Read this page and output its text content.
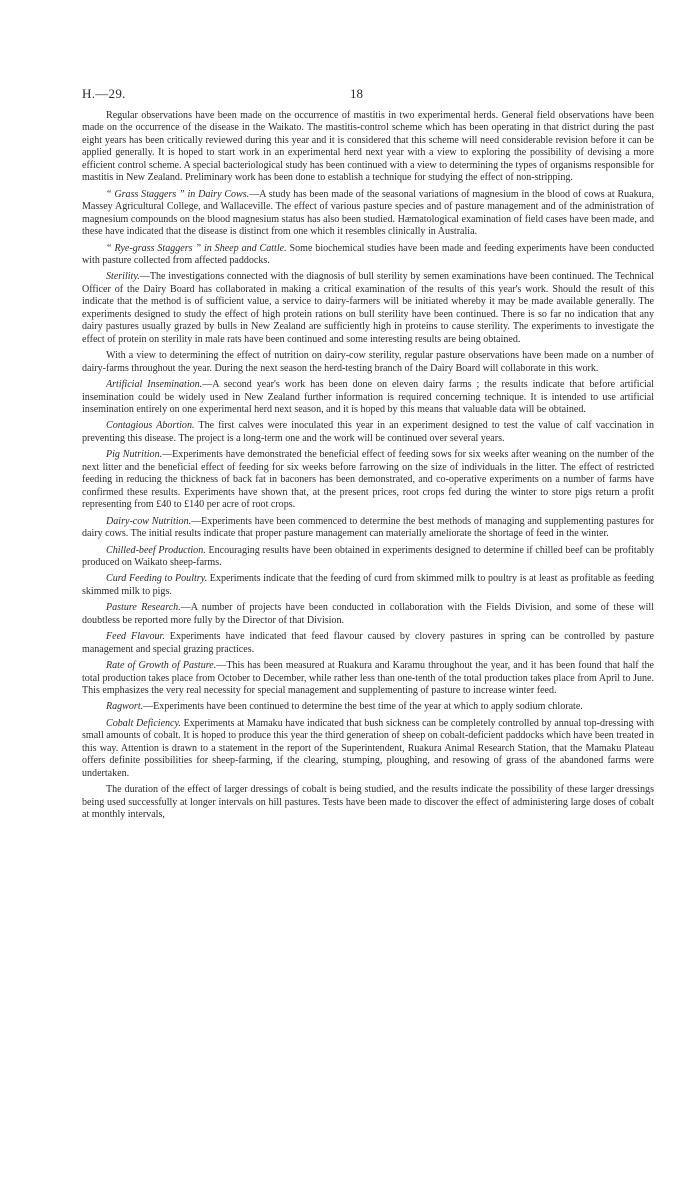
H.—29.	18

Regular observations have been made on the occurrence of mastitis in two experimental herds. General field observations have been made on the occurrence of the disease in the Waikato. The mastitis-control scheme which has been operating in that district during the past eight years has been critically reviewed during this year and it is considered that this scheme will need considerable revision before it can be applied generally. It is hoped to start work in an experimental herd next year with a view to exploring the possibility of devising a more efficient control scheme. A special bacteriological study has been continued with a view to determining the types of organisms responsible for mastitis in New Zealand. Preliminary work has been done to establish a technique for studying the effect of non-stripping.

“ Grass Staggers ” in Dairy Cows.—A study has been made of the seasonal variations of magnesium in the blood of cows at Ruakura, Massey Agricultural College, and Wallaceville. The effect of various pasture species and of pasture management and of the administration of magnesium compounds on the blood magnesium status has also been studied. Hæmatological examination of field cases have been made, and these have indicated that the disease is distinct from one which it resembles clinically in Australia.

“ Rye-grass Staggers ” in Sheep and Cattle. Some biochemical studies have been made and feeding experiments have been conducted with pasture collected from affected paddocks.

Sterility.—The investigations connected with the diagnosis of bull sterility by semen examinations have been continued. The Technical Officer of the Dairy Board has collaborated in making a critical examination of the results of this year's work. Should the result of this indicate that the method is of sufficient value, a service to dairy-farmers will be initiated whereby it may be made available generally. The experiments designed to study the effect of high protein rations on bull sterility have been continued. There is so far no indication that any dairy pastures usually grazed by bulls in New Zealand are sufficiently high in proteins to cause sterility. The experiments to investigate the effect of protein on sterility in male rats have been continued and some interesting results are being obtained.

With a view to determining the effect of nutrition on dairy-cow sterility, regular pasture observations have been made on a number of dairy-farms throughout the year. During the next season the herd-testing branch of the Dairy Board will collaborate in this work.

Artificial Insemination.—A second year's work has been done on eleven dairy farms ; the results indicate that before artificial insemination could be widely used in New Zealand further information is required concerning technique. It is intended to use artificial insemination entirely on one experimental herd next season, and it is hoped by this means that valuable data will be obtained.

Contagious Abortion. The first calves were inoculated this year in an experiment designed to test the value of calf vaccination in preventing this disease. The project is a long-term one and the work will be continued over several years.

Pig Nutrition.—Experiments have demonstrated the beneficial effect of feeding sows for six weeks after weaning on the number of the next litter and the beneficial effect of feeding for six weeks before farrowing on the size of individuals in the litter. The effect of restricted feeding in reducing the thickness of back fat in baconers has been demonstrated, and co-operative experiments on a number of farms have confirmed these results. Experiments have shown that, at the present prices, root crops fed during the winter to store pigs return a profit representing from £40 to £140 per acre of root crops.

Dairy-cow Nutrition.—Experiments have been commenced to determine the best methods of managing and supplementing pastures for dairy cows. The initial results indicate that proper pasture management can materially ameliorate the shortage of feed in the winter.

Chilled-beef Production. Encouraging results have been obtained in experiments designed to determine if chilled beef can be profitably produced on Waikato sheep-farms.

Curd Feeding to Poultry. Experiments indicate that the feeding of curd from skimmed milk to poultry is at least as profitable as feeding skimmed milk to pigs.

Pasture Research.—A number of projects have been conducted in collaboration with the Fields Division, and some of these will doubtless be reported more fully by the Director of that Division.

Feed Flavour. Experiments have indicated that feed flavour caused by clovery pastures in spring can be controlled by pasture management and special grazing practices.

Rate of Growth of Pasture.—This has been measured at Ruakura and Karamu throughout the year, and it has been found that half the total production takes place from October to December, while rather less than one-tenth of the total production takes place from April to June. This emphasizes the very real necessity for special management and supplementing of pasture to increase winter feed.

Ragwort.—Experiments have been continued to determine the best time of the year at which to apply sodium chlorate.

Cobalt Deficiency. Experiments at Mamaku have indicated that bush sickness can be completely controlled by annual top-dressing with small amounts of cobalt. It is hoped to produce this year the third generation of sheep on cobalt-deficient paddocks which have been treated in this way. Attention is drawn to a statement in the report of the Superintendent, Ruakura Animal Research Station, that the Mamaku Plateau offers definite possibilities for sheep-farming, if the clearing, stumping, ploughing, and resowing of grass of the abandoned farms were undertaken.

The duration of the effect of larger dressings of cobalt is being studied, and the results indicate the possibility of these larger dressings being used successfully at longer intervals on hill pastures. Tests have been made to discover the effect of administering large doses of cobalt at monthly intervals,
